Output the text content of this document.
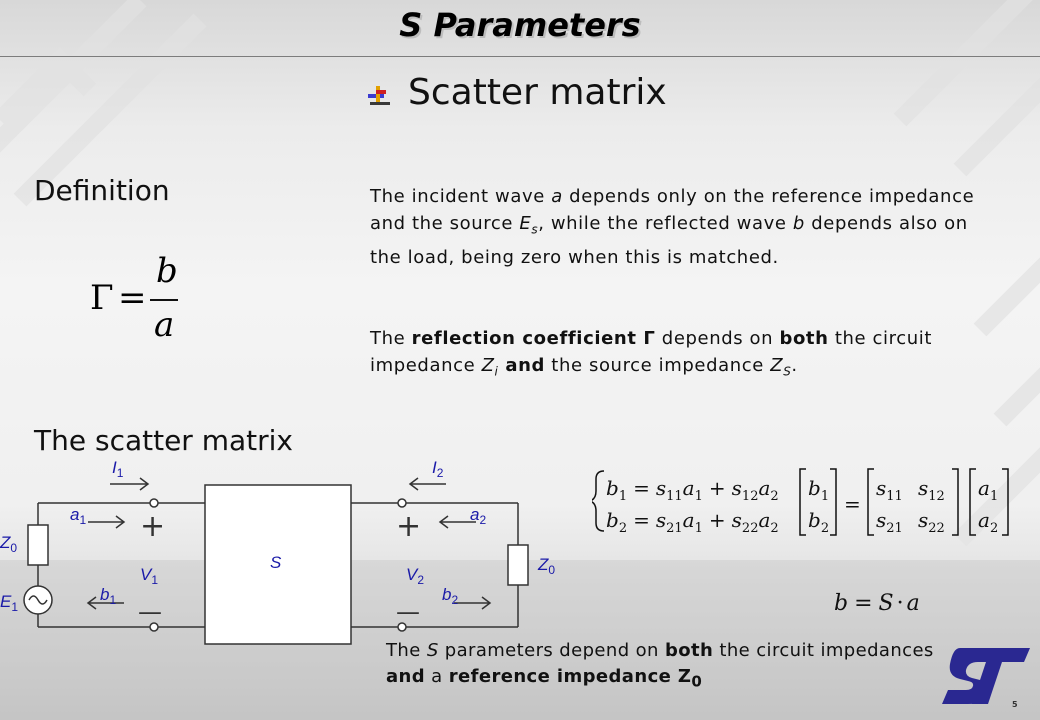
S Parameters
Scatter matrix
Definition
Γ =
b
a
The incident wave a depends only on the reference impedance and the source $E_s$, while the reflected wave b depends also on the load, being zero when this is matched.
The reflection coefficient Γ depends on both the circuit impedance $Z_i$ and the source impedance $Z_S$.
The scatter matrix
$I_1$	$I_2$
$a_1$	$a_2$
$b_1$	$b_2$
$V_1$	$V_2$
$Z_0$
$Z_0$
$E_1$
S
+	+
—	—
$b_1 = s_{11}a_1 + s_{12}a_2$
$b_2 = s_{21}a_1 + s_{22}a_2$
$b_1$
$b_2$
=
$s_{11}$ $s_{12}$
$s_{21}$ $s_{22}$
$a_1$
$a_2$
b = S · a
The S parameters depend on both the circuit impedances
and a reference impedance $Z_0$
5
